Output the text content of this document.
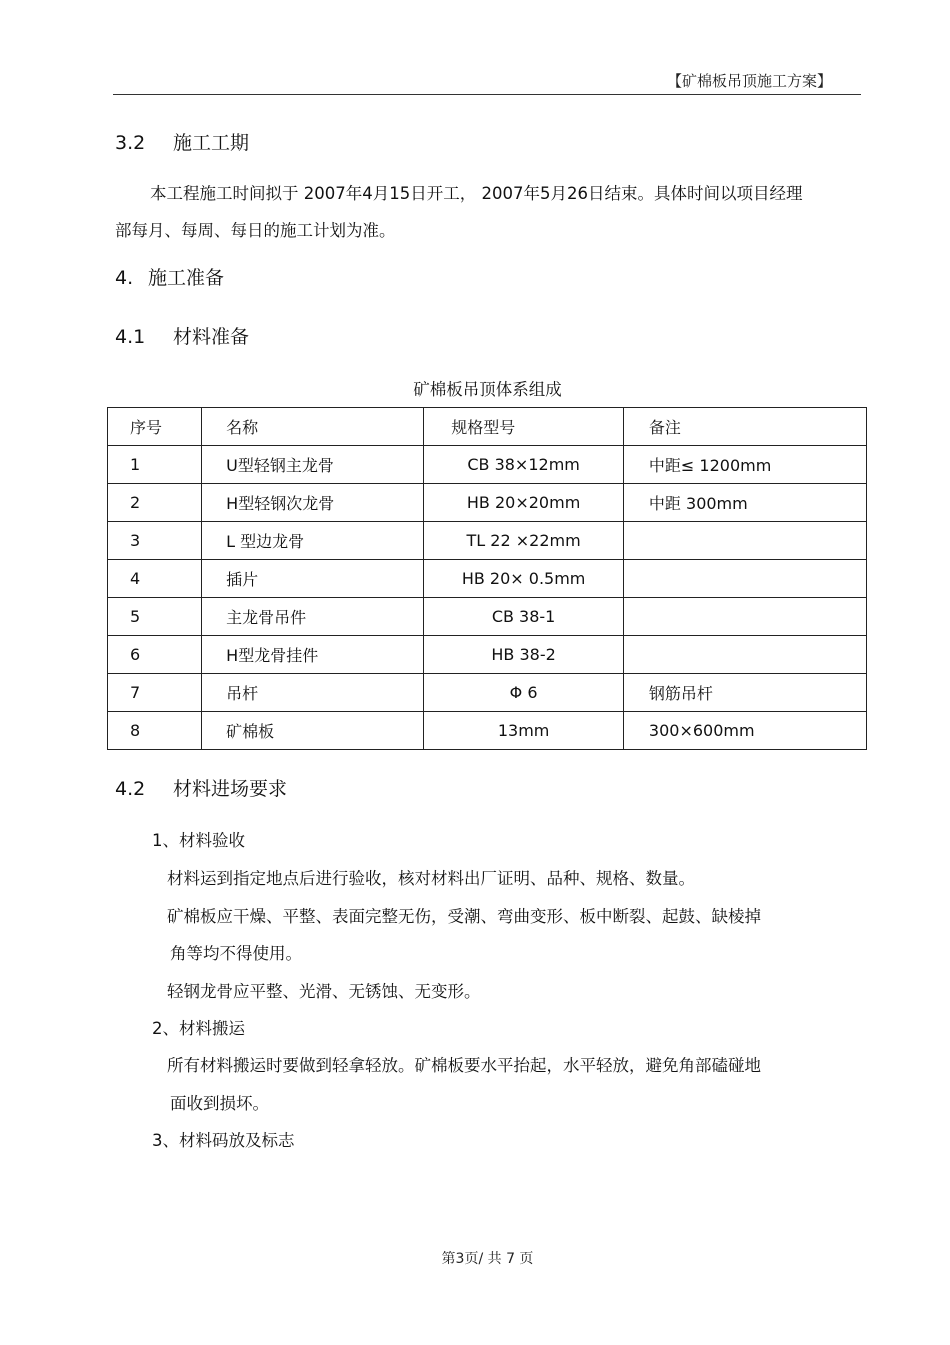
【矿棉板吊顶施工方案】
3.2 施工工期
本工程施工时间拟于 2007年4月15日开工， 2007年5月26日结束。具体时间以项目经理
部每月、每周、每日的施工计划为准。
4. 施工准备
4.1 材料准备
矿棉板吊顶体系组成
序号	名称	规格型号	备注
1	U型轻钢主龙骨	CB 38×12mm	中距≤ 1200mm
2	H型轻钢次龙骨	HB 20×20mm	中距 300mm
3	L 型边龙骨	TL 22 ×22mm	
4	插片	HB 20× 0.5mm	
5	主龙骨吊件	CB 38-1	
6	H型龙骨挂件	HB 38-2	
7	吊杆	Φ 6	钢筋吊杆
8	矿棉板	13mm	300×600mm
4.2 材料进场要求
1、材料验收
材料运到指定地点后进行验收，核对材料出厂证明、品种、规格、数量。
矿棉板应干燥、平整、表面完整无伤，受潮、弯曲变形、板中断裂、起鼓、缺棱掉
角等均不得使用。
轻钢龙骨应平整、光滑、无锈蚀、无变形。
2、材料搬运
所有材料搬运时要做到轻拿轻放。矿棉板要水平抬起，水平轻放，避免角部磕碰地
面收到损坏。
3、材料码放及标志
第3页/ 共 7 页
